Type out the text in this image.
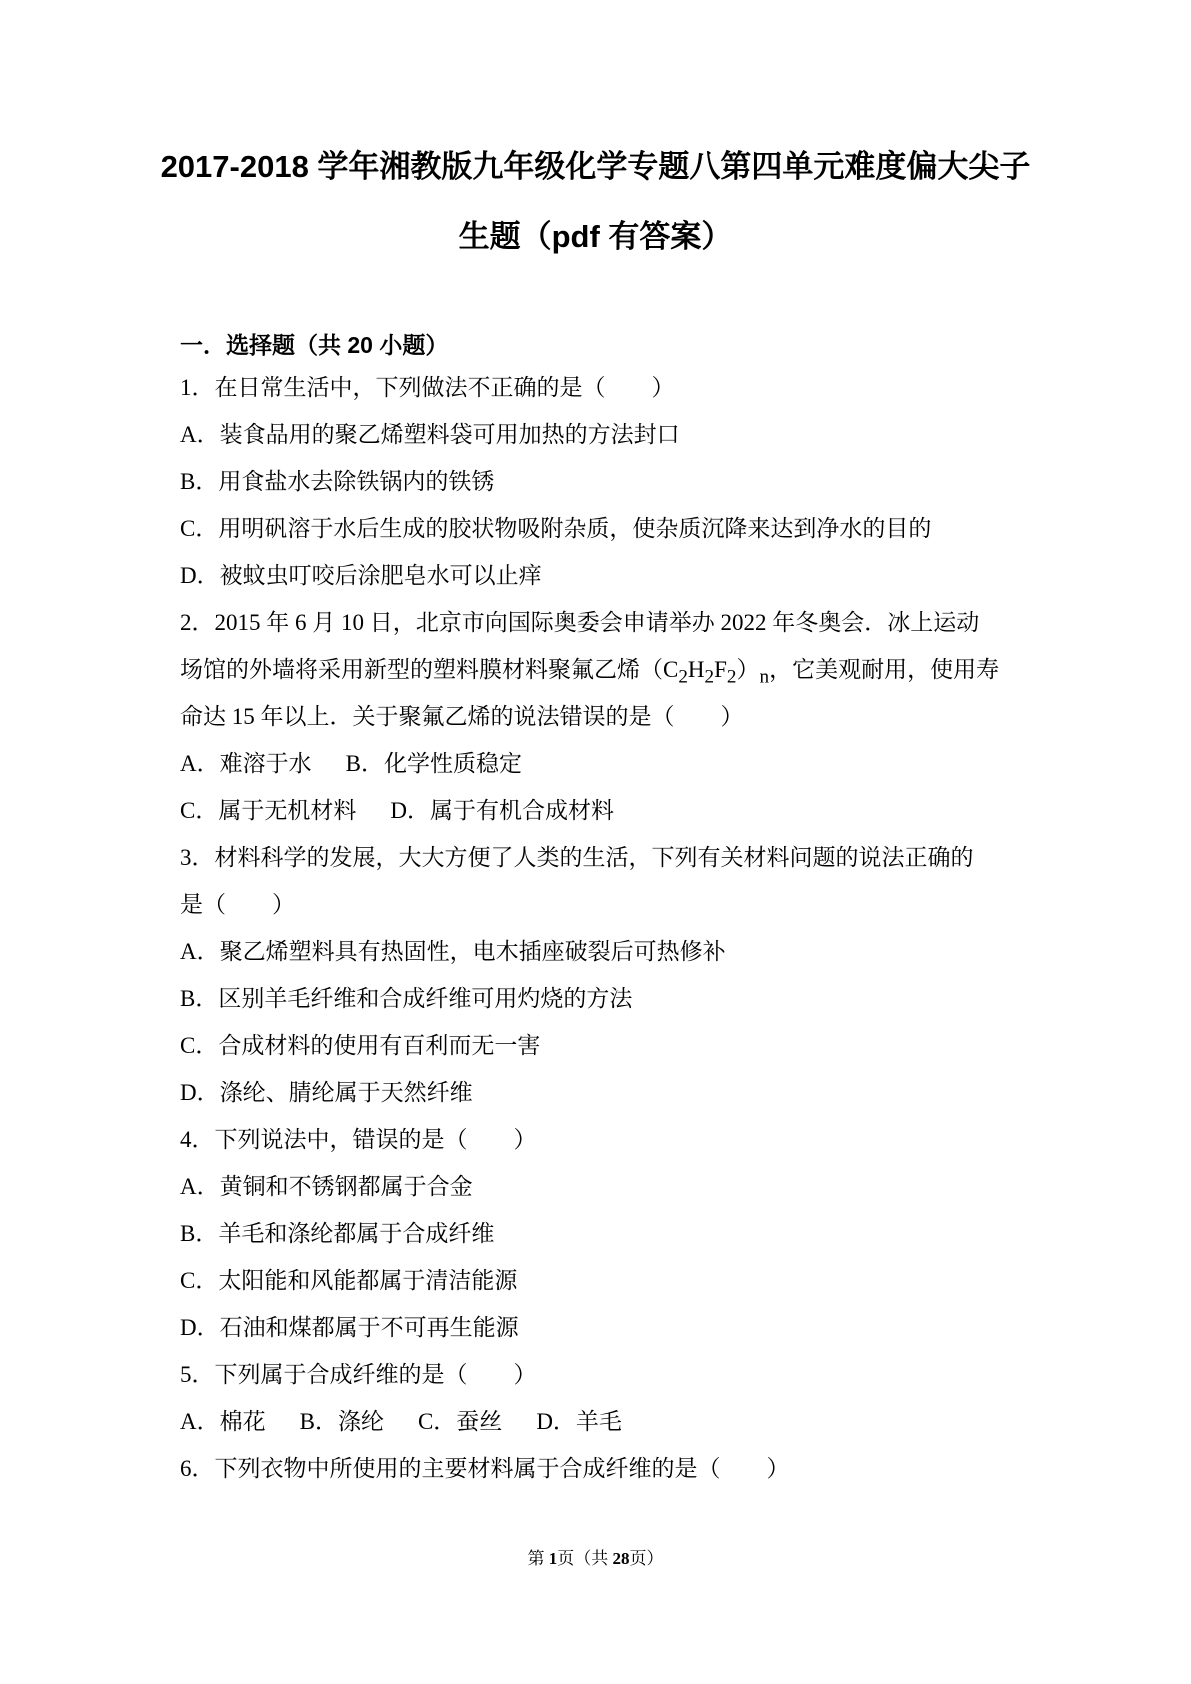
2017-2018 学年湘教版九年级化学专题八第四单元难度偏大尖子
生题（pdf 有答案）
一．选择题（共 20 小题）
1．在日常生活中，下列做法不正确的是（　　）
A．装食品用的聚乙烯塑料袋可用加热的方法封口
B．用食盐水去除铁锅内的铁锈
C．用明矾溶于水后生成的胶状物吸附杂质，使杂质沉降来达到净水的目的
D．被蚊虫叮咬后涂肥皂水可以止痒
2．2015 年 6 月 10 日，北京市向国际奥委会申请举办 2022 年冬奥会．冰上运动
场馆的外墙将采用新型的塑料膜材料聚氟乙烯$(C_2H_2F_2)_n$，它美观耐用，使用寿
命达 15 年以上．关于聚氟乙烯的说法错误的是（　　）
A．难溶于水 B．化学性质稳定
C．属于无机材料 D．属于有机合成材料
3．材料科学的发展，大大方便了人类的生活，下列有关材料问题的说法正确的
是（　　）
A．聚乙烯塑料具有热固性，电木插座破裂后可热修补
B．区别羊毛纤维和合成纤维可用灼烧的方法
C．合成材料的使用有百利而无一害
D．涤纶、腈纶属于天然纤维
4．下列说法中，错误的是（　　）
A．黄铜和不锈钢都属于合金
B．羊毛和涤纶都属于合成纤维
C．太阳能和风能都属于清洁能源
D．石油和煤都属于不可再生能源
5．下列属于合成纤维的是（　　）
A．棉花 B．涤纶 C．蚕丝 D．羊毛
6．下列衣物中所使用的主要材料属于合成纤维的是（　　）
第 1页（共 28页）
